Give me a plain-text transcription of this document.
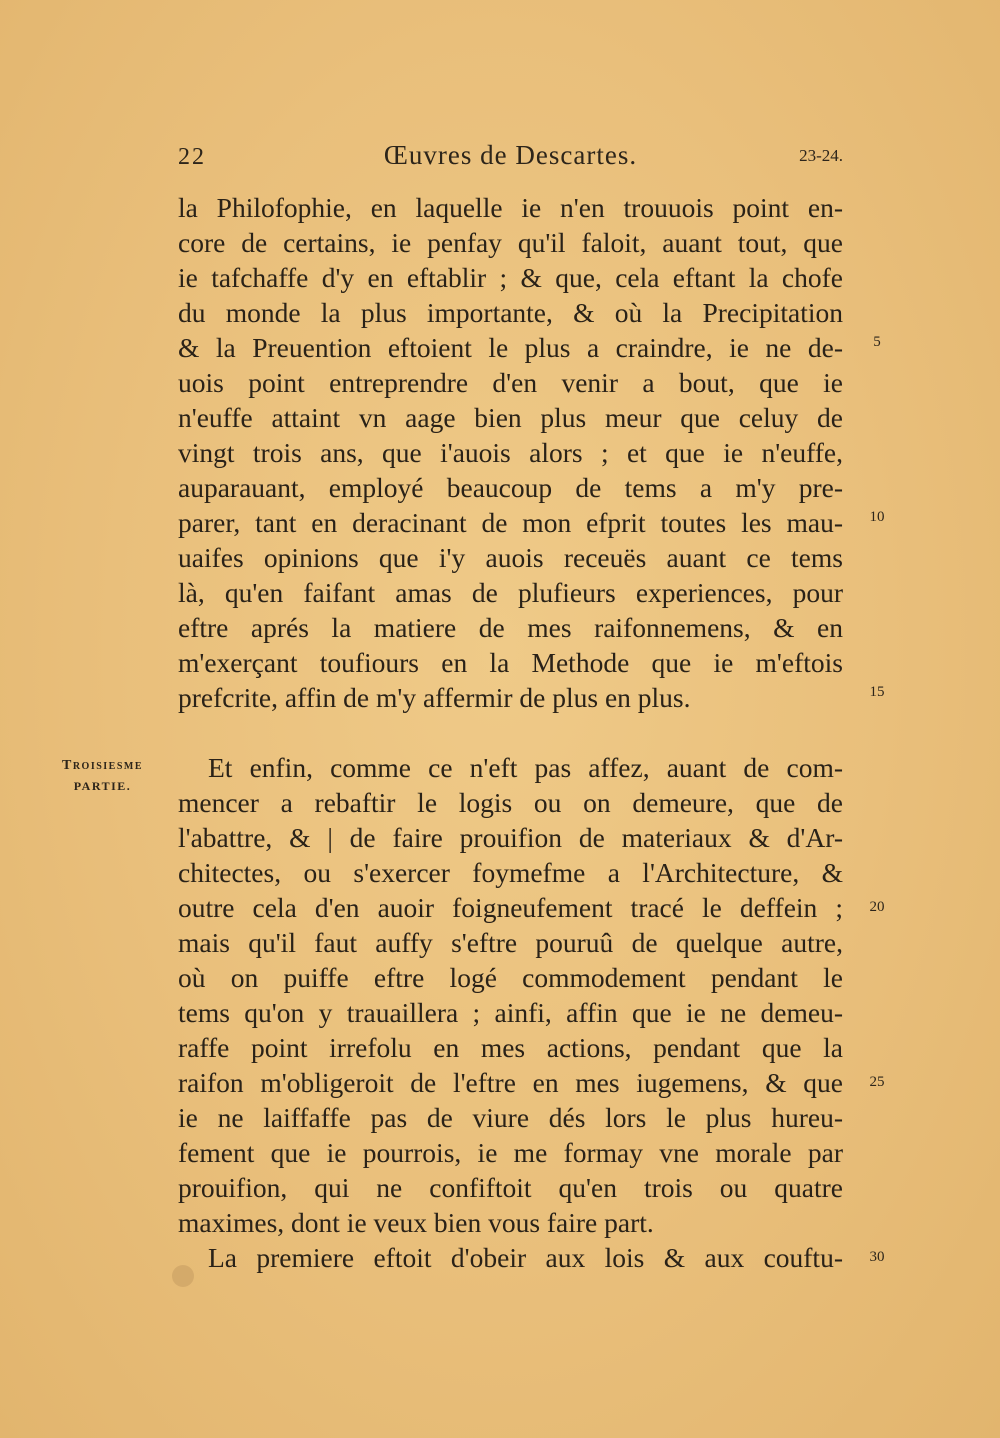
22	Œuvres de Descartes.	23-24.
Troisiesme
PARTIE.
la Philofophie, en laquelle ie n'en trouuois point en-
core de certains, ie penfay qu'il faloit, auant tout, que
ie tafchaffe d'y en eftablir ; & que, cela eftant la chofe
du monde la plus importante, & où la Precipitation
& la Preuention eftoient le plus a craindre, ie ne de-
uois point entreprendre d'en venir a bout, que ie
n'euffe attaint vn aage bien plus meur que celuy de
vingt trois ans, que i'auois alors ; et que ie n'euffe,
auparauant, employé beaucoup de tems a m'y pre-
parer, tant en deracinant de mon efprit toutes les mau-
uaifes opinions que i'y auois receuës auant ce tems
là, qu'en faifant amas de plufieurs experiences, pour
eftre aprés la matiere de mes raifonnemens, & en
m'exerçant toufiours en la Methode que ie m'eftois
prefcrite, affin de m'y affermir de plus en plus.
Et enfin, comme ce n'eft pas affez, auant de com-
mencer a rebaftir le logis ou on demeure, que de
l'abattre, & | de faire prouifion de materiaux & d'Ar-
chitectes, ou s'exercer foymefme a l'Architecture, &
outre cela d'en auoir foigneufement tracé le deffein ;
mais qu'il faut auffy s'eftre pouruû de quelque autre,
où on puiffe eftre logé commodement pendant le
tems qu'on y trauaillera ; ainfi, affin que ie ne demeu-
raffe point irrefolu en mes actions, pendant que la
raifon m'obligeroit de l'eftre en mes iugemens, & que
ie ne laiffaffe pas de viure dés lors le plus hureu-
fement que ie pourrois, ie me formay vne morale par
prouifion, qui ne confiftoit qu'en trois ou quatre
maximes, dont ie veux bien vous faire part.
La premiere eftoit d'obeir aux lois & aux couftu-
5
10
15
20
25
30
